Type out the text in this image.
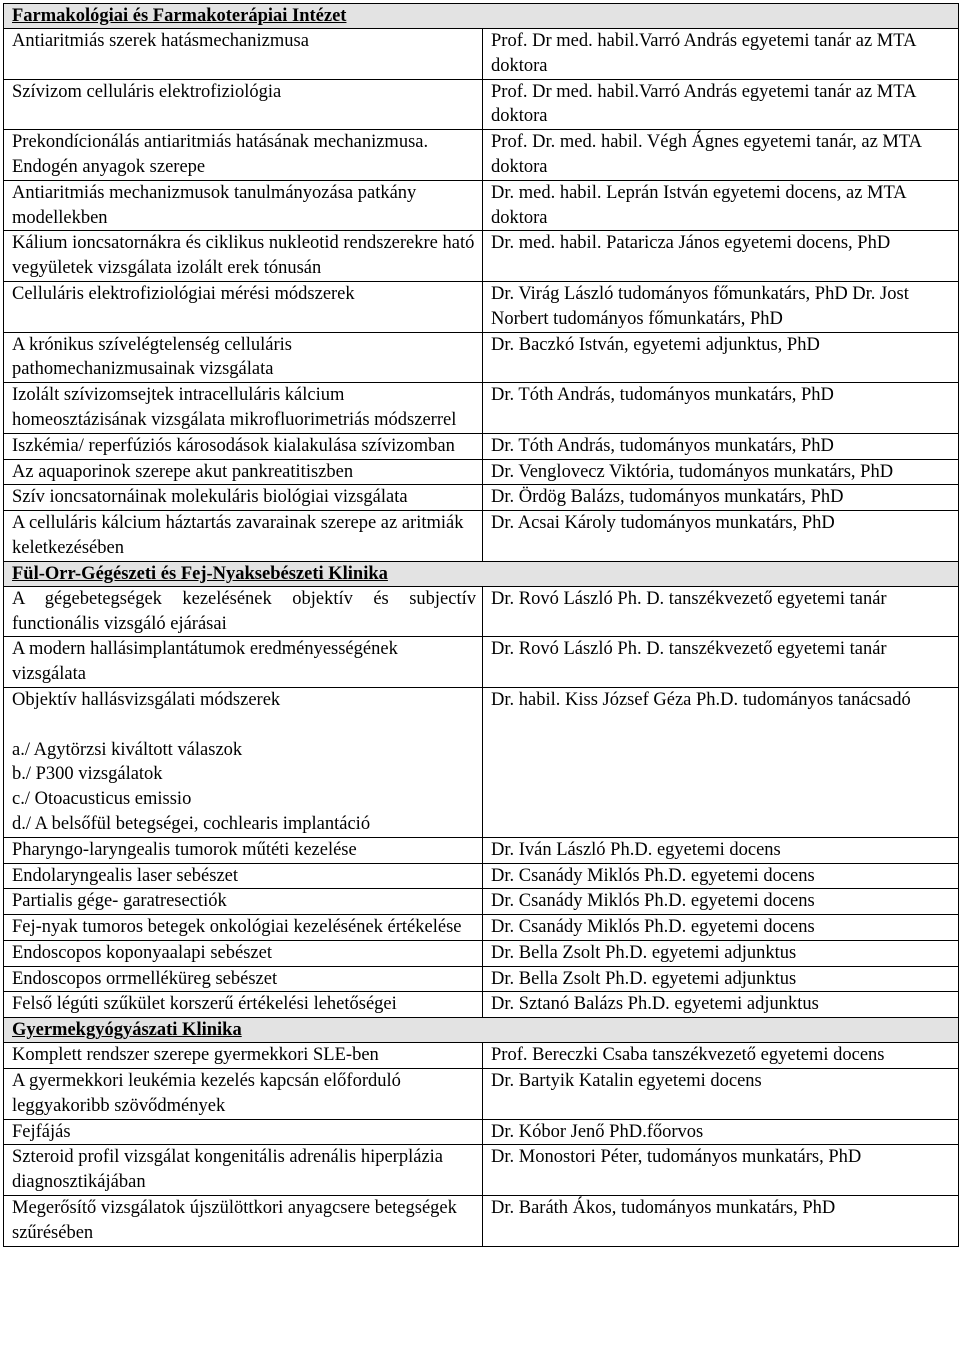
Farmakológiai és Farmakoterápiai Intézet	
Antiaritmiás szerek hatásmechanizmusa	Prof. Dr med. habil.Varró András egyetemi tanár az MTA doktora
Szívizom celluláris elektrofiziológia	Prof. Dr med. habil.Varró András egyetemi tanár az MTA doktora
Prekondícionálás antiaritmiás hatásának mechanizmusa. Endogén anyagok szerepe	Prof. Dr. med. habil. Végh Ágnes egyetemi tanár, az MTA doktora
Antiaritmiás mechanizmusok tanulmányozása patkány modellekben	Dr. med. habil. Leprán István egyetemi docens, az MTA doktora
Kálium ioncsatornákra és ciklikus nukleotid rendszerekre ható vegyületek vizsgálata izolált erek tónusán	Dr. med. habil. Pataricza János egyetemi docens, PhD
Celluláris elektrofiziológiai mérési módszerek	Dr. Virág László tudományos főmunkatárs, PhD Dr. Jost Norbert tudományos főmunkatárs, PhD
A krónikus szívelégtelenség celluláris pathomechanizmusainak vizsgálata	Dr. Baczkó István, egyetemi adjunktus, PhD
Izolált szívizomsejtek intracelluláris kálcium homeosztázisának vizsgálata mikrofluorimetriás módszerrel	Dr. Tóth András, tudományos munkatárs, PhD
Iszkémia/ reperfúziós károsodások kialakulása szívizomban	Dr. Tóth András, tudományos munkatárs, PhD
Az aquaporinok szerepe akut pankreatitiszben	Dr. Venglovecz Viktória, tudományos munkatárs, PhD
Szív ioncsatornáinak molekuláris biológiai vizsgálata	Dr. Ördög Balázs, tudományos munkatárs, PhD
A celluláris kálcium háztartás zavarainak szerepe az aritmiák keletkezésében	Dr. Acsai Károly tudományos munkatárs, PhD
Fül-Orr-Gégészeti és Fej-Nyaksebészeti Klinika	
A gégebetegségek kezelésének objektív és subjectív functionális vizsgáló ejárásai	Dr. Rovó László Ph. D. tanszékvezető egyetemi tanár
A modern hallásimplantátumok eredményességének vizsgálata	Dr. Rovó László Ph. D. tanszékvezető egyetemi tanár
Objektív hallásvizsgálati módszerek

a./ Agytörzsi kiváltott válaszok
b./ P300 vizsgálatok
c./ Otoacusticus emissio
d./ A belsőfül betegségei, cochlearis implantáció	Dr. habil. Kiss József Géza Ph.D. tudományos tanácsadó
Pharyngo-laryngealis tumorok műtéti kezelése	Dr. Iván László Ph.D. egyetemi docens
Endolaryngealis laser sebészet	Dr. Csanády Miklós Ph.D. egyetemi docens
Partialis gége- garatresectiók	Dr. Csanády Miklós Ph.D. egyetemi docens
Fej-nyak tumoros betegek onkológiai kezelésének értékelése	Dr. Csanády Miklós Ph.D. egyetemi docens
Endoscopos koponyaalapi sebészet	Dr. Bella Zsolt Ph.D. egyetemi adjunktus
Endoscopos orrmelléküreg sebészet	Dr. Bella Zsolt Ph.D. egyetemi adjunktus
Felső légúti szűkület korszerű értékelési lehetőségei	Dr. Sztanó Balázs Ph.D. egyetemi adjunktus
Gyermekgyógyászati Klinika	
Komplett rendszer szerepe gyermekkori SLE-ben	Prof. Bereczki Csaba tanszékvezető egyetemi docens
A gyermekkori leukémia kezelés kapcsán előforduló leggyakoribb szövődmények	Dr. Bartyik Katalin egyetemi docens
Fejfájás	Dr. Kóbor Jenő PhD.főorvos
Szteroid profil vizsgálat kongenitális adrenális hiperplázia diagnosztikájában	Dr. Monostori Péter, tudományos munkatárs, PhD
Megerősítő vizsgálatok újszülöttkori anyagcsere betegségek szűrésében	Dr. Baráth Ákos, tudományos munkatárs, PhD
